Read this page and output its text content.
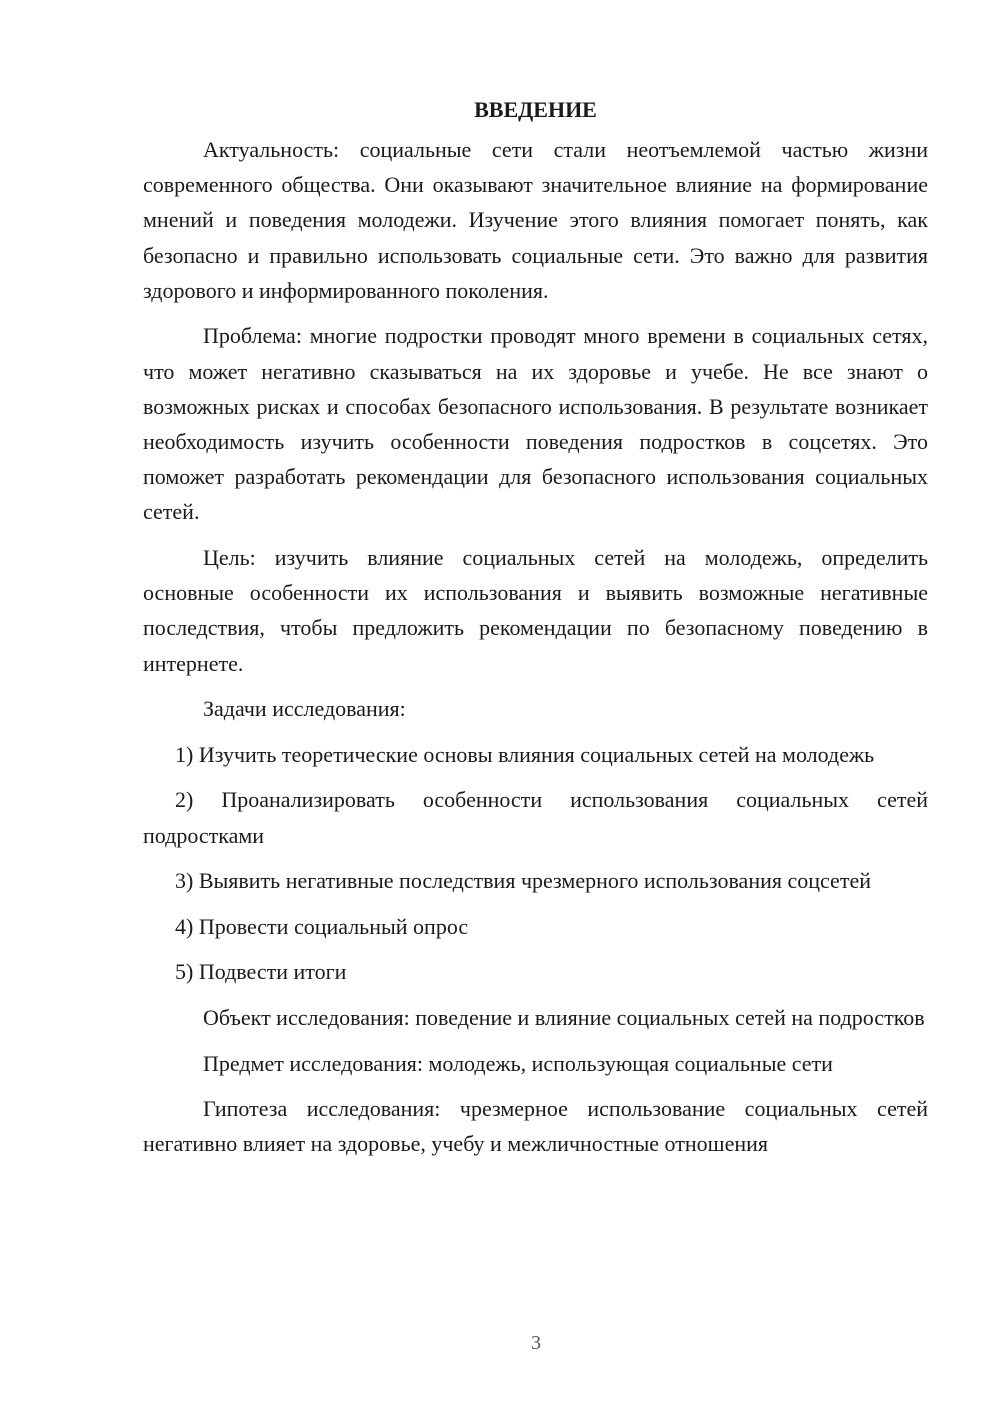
ВВЕДЕНИЕ

Актуальность: социальные сети стали неотъемлемой частью жизни современного общества. Они оказывают значительное влияние на формирование мнений и поведения молодежи. Изучение этого влияния помогает понять, как безопасно и правильно использовать социальные сети. Это важно для развития здорового и информированного поколения.

Проблема: многие подростки проводят много времени в социальных сетях, что может негативно сказываться на их здоровье и учебе. Не все знают о возможных рисках и способах безопасного использования. В результате возникает необходимость изучить особенности поведения подростков в соцсетях. Это поможет разработать рекомендации для безопасного использования социальных сетей.

Цель: изучить влияние социальных сетей на молодежь, определить основные особенности их использования и выявить возможные негативные последствия, чтобы предложить рекомендации по безопасному поведению в интернете.

Задачи исследования:

1) Изучить теоретические основы влияния социальных сетей на молодежь

2) Проанализировать особенности использования социальных сетей подростками

3) Выявить негативные последствия чрезмерного использования соцсетей

4) Провести социальный опрос

5) Подвести итоги

Объект исследования: поведение и влияние социальных сетей на подростков

Предмет исследования: молодежь, использующая социальные сети

Гипотеза исследования: чрезмерное использование социальных сетей негативно влияет на здоровье, учебу и межличностные отношения

3
